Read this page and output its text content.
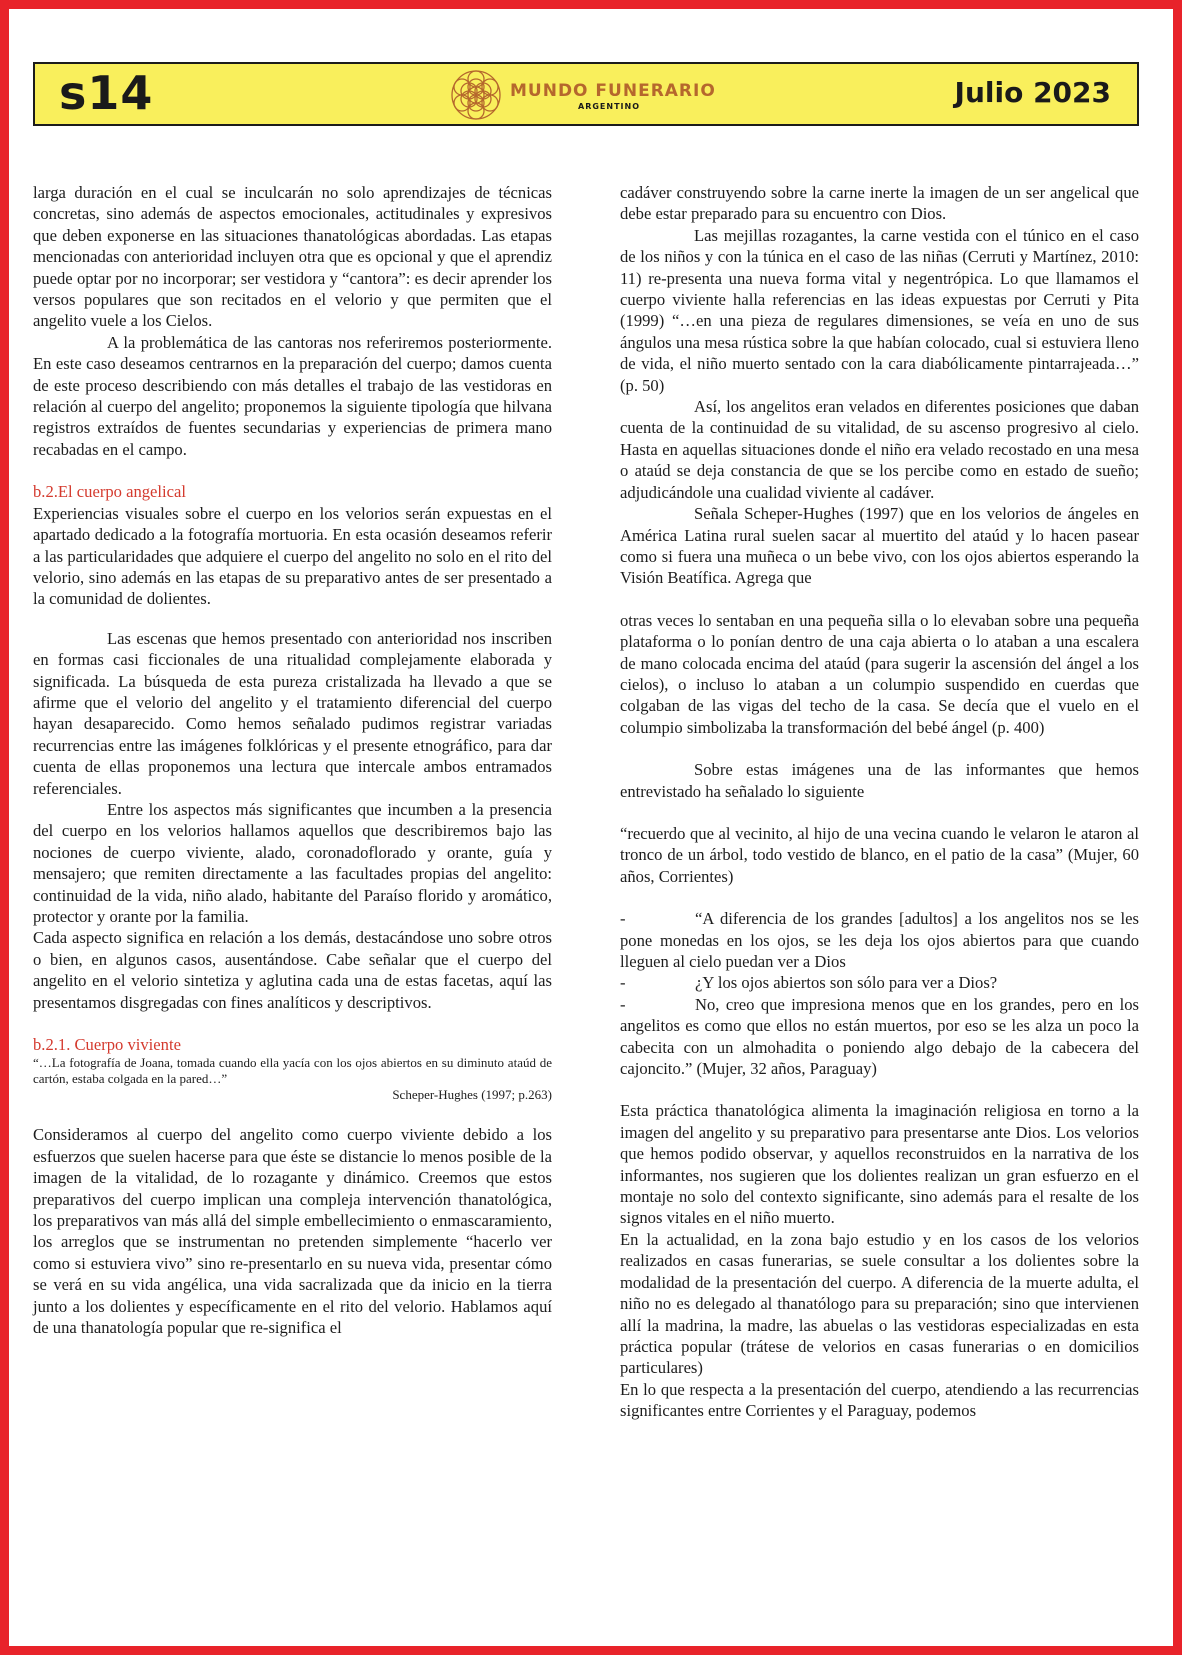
s14	MUNDO FUNERARIO
ARGENTINO	Julio 2023

larga duración en el cual se inculcarán no solo aprendizajes de técnicas concretas, sino además de aspectos emocionales, actitudinales y expresivos que deben exponerse en las situaciones thanatológicas abordadas. Las etapas mencionadas con anterioridad incluyen otra que es opcional y que el aprendiz puede optar por no incorporar; ser vestidora y “cantora”: es decir aprender los versos populares que son recitados en el velorio y que permiten que el angelito vuele a los Cielos.

A la problemática de las cantoras nos referiremos posteriormente. En este caso deseamos centrarnos en la preparación del cuerpo; damos cuenta de este proceso describiendo con más detalles el trabajo de las vestidoras en relación al cuerpo del angelito; proponemos la siguiente tipología que hilvana registros extraídos de fuentes secundarias y experiencias de primera mano recabadas en el campo.

b.2.El cuerpo angelical

Experiencias visuales sobre el cuerpo en los velorios serán expuestas en el apartado dedicado a la fotografía mortuoria. En esta ocasión deseamos referir a las particularidades que adquiere el cuerpo del angelito no solo en el rito del velorio, sino además en las etapas de su preparativo antes de ser presentado a la comunidad de dolientes.

Las escenas que hemos presentado con anterioridad nos inscriben en formas casi ficcionales de una ritualidad complejamente elaborada y significada. La búsqueda de esta pureza cristalizada ha llevado a que se afirme que el velorio del angelito y el tratamiento diferencial del cuerpo hayan desaparecido. Como hemos señalado pudimos registrar variadas recurrencias entre las imágenes folklóricas y el presente etnográfico, para dar cuenta de ellas proponemos una lectura que intercale ambos entramados referenciales.

Entre los aspectos más significantes que incumben a la presencia del cuerpo en los velorios hallamos aquellos que describiremos bajo las nociones de cuerpo viviente, alado, coronadoflorado y orante, guía y mensajero; que remiten directamente a las facultades propias del angelito: continuidad de la vida, niño alado, habitante del Paraíso florido y aromático, protector y orante por la familia.

Cada aspecto significa en relación a los demás, destacándose uno sobre otros o bien, en algunos casos, ausentándose. Cabe señalar que el cuerpo del angelito en el velorio sintetiza y aglutina cada una de estas facetas, aquí las presentamos disgregadas con fines analíticos y descriptivos.

b.2.1. Cuerpo viviente

“…La fotografía de Joana, tomada cuando ella yacía con los ojos abiertos en su diminuto ataúd de cartón, estaba colgada en la pared…”

Scheper-Hughes (1997; p.263)

Consideramos al cuerpo del angelito como cuerpo viviente debido a los esfuerzos que suelen hacerse para que éste se distancie lo menos posible de la imagen de la vitalidad, de lo rozagante y dinámico. Creemos que estos preparativos del cuerpo implican una compleja intervención thanatológica, los preparativos van más allá del simple embellecimiento o enmascaramiento, los arreglos que se instrumentan no pretenden simplemente “hacerlo ver como si estuviera vivo” sino re-presentarlo en su nueva vida, presentar cómo se verá en su vida angélica, una vida sacralizada que da inicio en la tierra junto a los dolientes y específicamente en el rito del velorio. Hablamos aquí de una thanatología popular que re-significa el

cadáver construyendo sobre la carne inerte la imagen de un ser angelical que debe estar preparado para su encuentro con Dios.

Las mejillas rozagantes, la carne vestida con el túnico en el caso de los niños y con la túnica en el caso de las niñas (Cerruti y Martínez, 2010: 11) re-presenta una nueva forma vital y negentrópica. Lo que llamamos el cuerpo viviente halla referencias en las ideas expuestas por Cerruti y Pita (1999) “…en una pieza de regulares dimensiones, se veía en uno de sus ángulos una mesa rústica sobre la que habían colocado, cual si estuviera lleno de vida, el niño muerto sentado con la cara diabólicamente pintarrajeada…” (p. 50)

Así, los angelitos eran velados en diferentes posiciones que daban cuenta de la continuidad de su vitalidad, de su ascenso progresivo al cielo. Hasta en aquellas situaciones donde el niño era velado recostado en una mesa o ataúd se deja constancia de que se los percibe como en estado de sueño; adjudicándole una cualidad viviente al cadáver.

Señala Scheper-Hughes (1997) que en los velorios de ángeles en América Latina rural suelen sacar al muertito del ataúd y lo hacen pasear como si fuera una muñeca o un bebe vivo, con los ojos abiertos esperando la Visión Beatífica. Agrega que

otras veces lo sentaban en una pequeña silla o lo elevaban sobre una pequeña plataforma o lo ponían dentro de una caja abierta o lo ataban a una escalera de mano colocada encima del ataúd (para sugerir la ascensión del ángel a los cielos), o incluso lo ataban a un columpio suspendido en cuerdas que colgaban de las vigas del techo de la casa. Se decía que el vuelo en el columpio simbolizaba la transformación del bebé ángel (p. 400)

Sobre estas imágenes una de las informantes que hemos entrevistado ha señalado lo siguiente

“recuerdo que al vecinito, al hijo de una vecina cuando le velaron le ataron al tronco de un árbol, todo vestido de blanco, en el patio de la casa” (Mujer, 60 años, Corrientes)

-	“A diferencia de los grandes [adultos] a los angelitos nos se les pone monedas en los ojos, se les deja los ojos abiertos para que cuando lleguen al cielo puedan ver a Dios

-	¿Y los ojos abiertos son sólo para ver a Dios?

-	No, creo que impresiona menos que en los grandes, pero en los angelitos es como que ellos no están muertos, por eso se les alza un poco la cabecita con un almohadita o poniendo algo debajo de la cabecera del cajoncito.” (Mujer, 32 años, Paraguay)

Esta práctica thanatológica alimenta la imaginación religiosa en torno a la imagen del angelito y su preparativo para presentarse ante Dios. Los velorios que hemos podido observar, y aquellos reconstruidos en la narrativa de los informantes, nos sugieren que los dolientes realizan un gran esfuerzo en el montaje no solo del contexto significante, sino además para el resalte de los signos vitales en el niño muerto.

En la actualidad, en la zona bajo estudio y en los casos de los velorios realizados en casas funerarias, se suele consultar a los dolientes sobre la modalidad de la presentación del cuerpo. A diferencia de la muerte adulta, el niño no es delegado al thanatólogo para su preparación; sino que intervienen allí la madrina, la madre, las abuelas o las vestidoras especializadas en esta práctica popular (trátese de velorios en casas funerarias o en domicilios particulares)

En lo que respecta a la presentación del cuerpo, atendiendo a las recurrencias significantes entre Corrientes y el Paraguay, podemos
